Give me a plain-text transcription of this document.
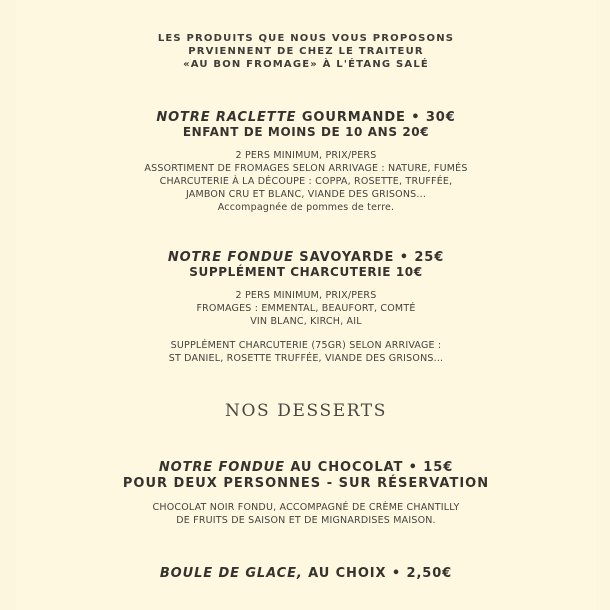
LES PRODUITS QUE NOUS VOUS PROPOSONS
PRVIENNENT DE CHEZ LE TRAITEUR
«AU BON FROMAGE» À L'ÉTANG SALÉ
NOTRE RACLETTE GOURMANDE • 30€
ENFANT DE MOINS DE 10 ANS 20€
2 PERS MINIMUM, PRIX/PERS
ASSORTIMENT DE FROMAGES SELON ARRIVAGE : NATURE, FUMÉS
CHARCUTERIE À LA DÉCOUPE : COPPA, ROSETTE, TRUFFÉE,
JAMBON CRU ET BLANC, VIANDE DES GRISONS...
Accompagnée de pommes de terre.
NOTRE FONDUE SAVOYARDE • 25€
SUPPLÉMENT CHARCUTERIE 10€
2 PERS MINIMUM, PRIX/PERS
FROMAGES : EMMENTAL, BEAUFORT, COMTÉ
VIN BLANC, KIRCH, AIL
SUPPLÉMENT CHARCUTERIE (75GR) SELON ARRIVAGE :
ST DANIEL, ROSETTE TRUFFÉE, VIANDE DES GRISONS...
NOS DESSERTS
NOTRE FONDUE AU CHOCOLAT • 15€
POUR DEUX PERSONNES - SUR RÉSERVATION
CHOCOLAT NOIR FONDU, ACCOMPAGNÉ DE CRÈME CHANTILLY
DE FRUITS DE SAISON ET DE MIGNARDISES MAISON.
BOULE DE GLACE, AU CHOIX • 2,50€
